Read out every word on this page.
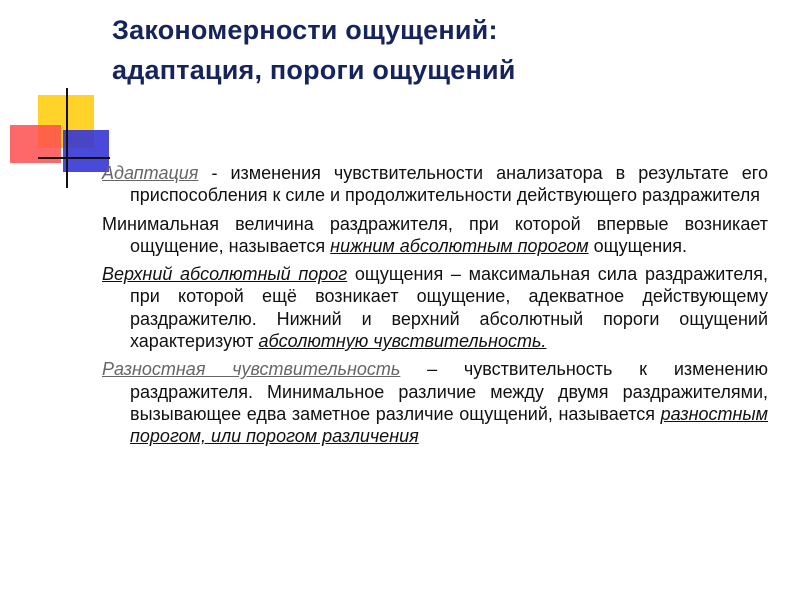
Закономерности ощущений:
адаптация, пороги ощущений

Адаптация - изменения чувствительности анализатора в результате его приспособления к силе и продолжительности действующего раздражителя

Минимальная величина раздражителя, при которой впервые возникает ощущение, называется нижним абсолютным порогом ощущения.

Верхний абсолютный порог ощущения – максимальная сила раздражителя, при которой ещё возникает ощущение, адекватное действующему раздражителю. Нижний и верхний абсолютный пороги ощущений характеризуют абсолютную чувствительность.

Разностная чувствительность – чувствительность к изменению раздражителя. Минимальное различие между двумя раздражителями, вызывающее едва заметное различие ощущений, называется разностным порогом, или порогом различения
